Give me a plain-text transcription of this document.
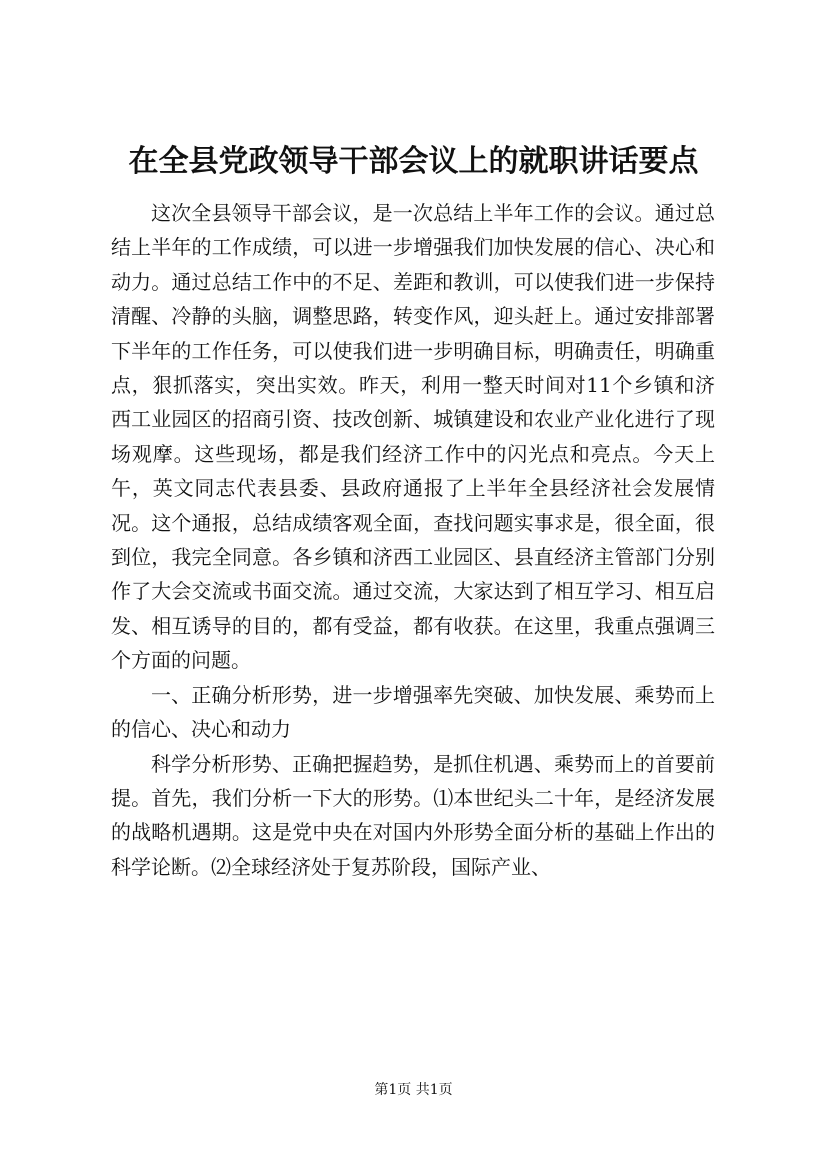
在全县党政领导干部会议上的就职讲话要点

这次全县领导干部会议，是一次总结上半年工作的会议。通过总结上半年的工作成绩，可以进一步增强我们加快发展的信心、决心和动力。通过总结工作中的不足、差距和教训，可以使我们进一步保持清醒、冷静的头脑，调整思路，转变作风，迎头赶上。通过安排部署下半年的工作任务，可以使我们进一步明确目标，明确责任，明确重点，狠抓落实，突出实效。昨天，利用一整天时间对11个乡镇和济西工业园区的招商引资、技改创新、城镇建设和农业产业化进行了现场观摩。这些现场，都是我们经济工作中的闪光点和亮点。今天上午，英文同志代表县委、县政府通报了上半年全县经济社会发展情况。这个通报，总结成绩客观全面，查找问题实事求是，很全面，很到位，我完全同意。各乡镇和济西工业园区、县直经济主管部门分别作了大会交流或书面交流。通过交流，大家达到了相互学习、相互启发、相互诱导的目的，都有受益，都有收获。在这里，我重点强调三个方面的问题。

一、正确分析形势，进一步增强率先突破、加快发展、乘势而上的信心、决心和动力

科学分析形势、正确把握趋势，是抓住机遇、乘势而上的首要前提。首先，我们分析一下大的形势。⑴本世纪头二十年，是经济发展的战略机遇期。这是党中央在对国内外形势全面分析的基础上作出的科学论断。⑵全球经济处于复苏阶段，国际产业、

第1页 共1页
